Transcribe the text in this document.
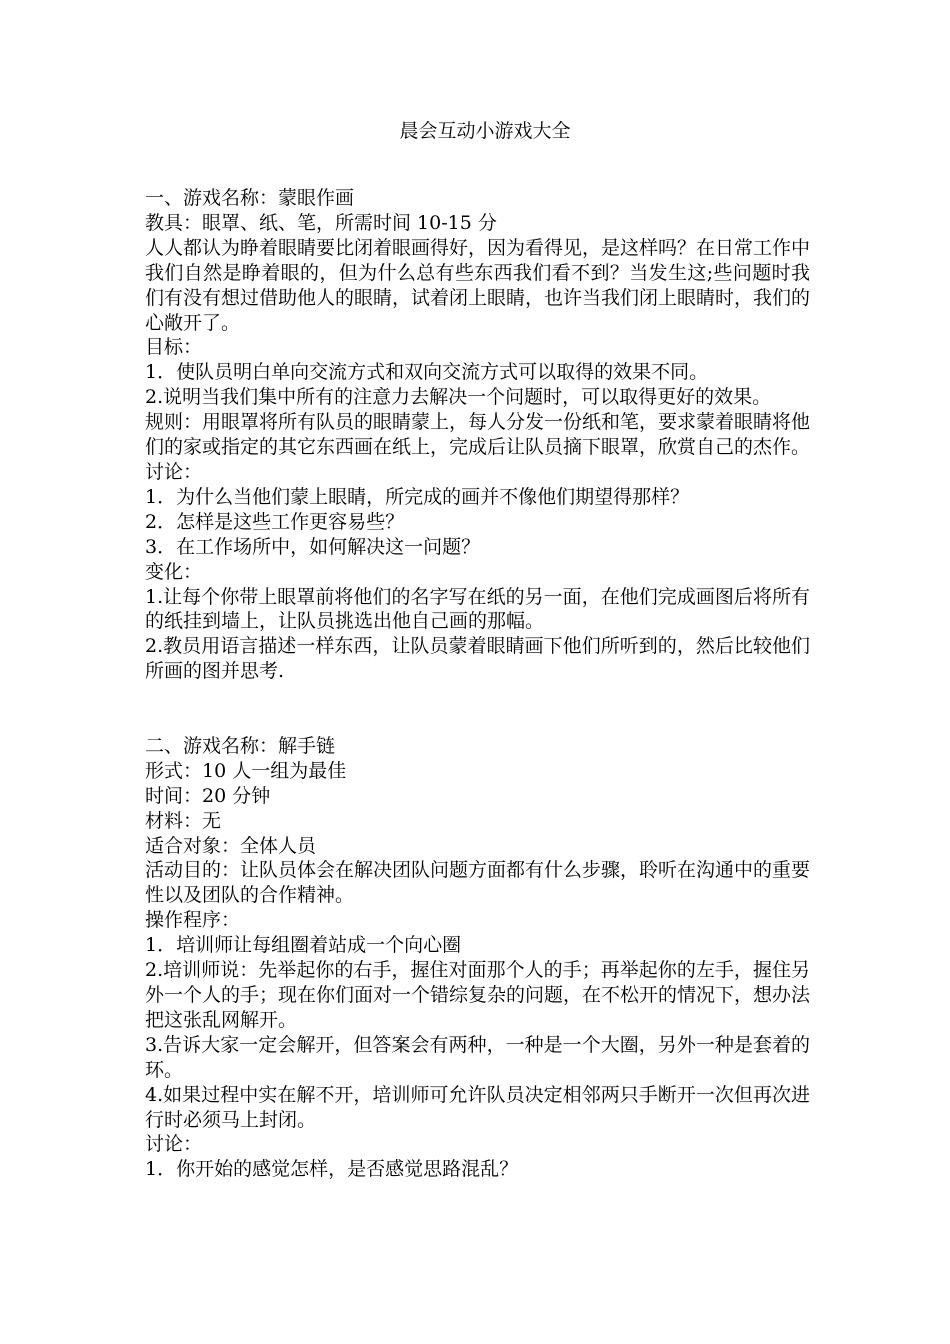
晨会互动小游戏大全

一、游戏名称：蒙眼作画

教具：眼罩、纸、笔，所需时间 10-15 分

人人都认为睁着眼睛要比闭着眼画得好，因为看得见，是这样吗？在日常工作中我们自然是睁着眼的，但为什么总有些东西我们看不到？当发生这;些问题时我们有没有想过借助他人的眼睛，试着闭上眼睛，也许当我们闭上眼睛时，我们的心敞开了。

目标：

1．使队员明白单向交流方式和双向交流方式可以取得的效果不同。

2.说明当我们集中所有的注意力去解决一个问题时，可以取得更好的效果。

规则：用眼罩将所有队员的眼睛蒙上，每人分发一份纸和笔，要求蒙着眼睛将他们的家或指定的其它东西画在纸上，完成后让队员摘下眼罩，欣赏自己的杰作。

讨论：

1．为什么当他们蒙上眼睛，所完成的画并不像他们期望得那样？

2．怎样是这些工作更容易些？

3．在工作场所中，如何解决这一问题？

变化：

1.让每个你带上眼罩前将他们的名字写在纸的另一面，在他们完成画图后将所有的纸挂到墙上，让队员挑选出他自己画的那幅。

2.教员用语言描述一样东西，让队员蒙着眼睛画下他们所听到的，然后比较他们所画的图并思考.

二、游戏名称：解手链

形式：10 人一组为最佳

时间：20 分钟

材料：无

适合对象：全体人员

活动目的：让队员体会在解决团队问题方面都有什么步骤，聆听在沟通中的重要性以及团队的合作精神。

操作程序：

1．培训师让每组圈着站成一个向心圈

2.培训师说：先举起你的右手，握住对面那个人的手；再举起你的左手，握住另外一个人的手；现在你们面对一个错综复杂的问题，在不松开的情况下，想办法把这张乱网解开。

3.告诉大家一定会解开，但答案会有两种，一种是一个大圈，另外一种是套着的环。

4.如果过程中实在解不开，培训师可允许队员决定相邻两只手断开一次但再次进行时必须马上封闭。

讨论：

1．你开始的感觉怎样，是否感觉思路混乱？
